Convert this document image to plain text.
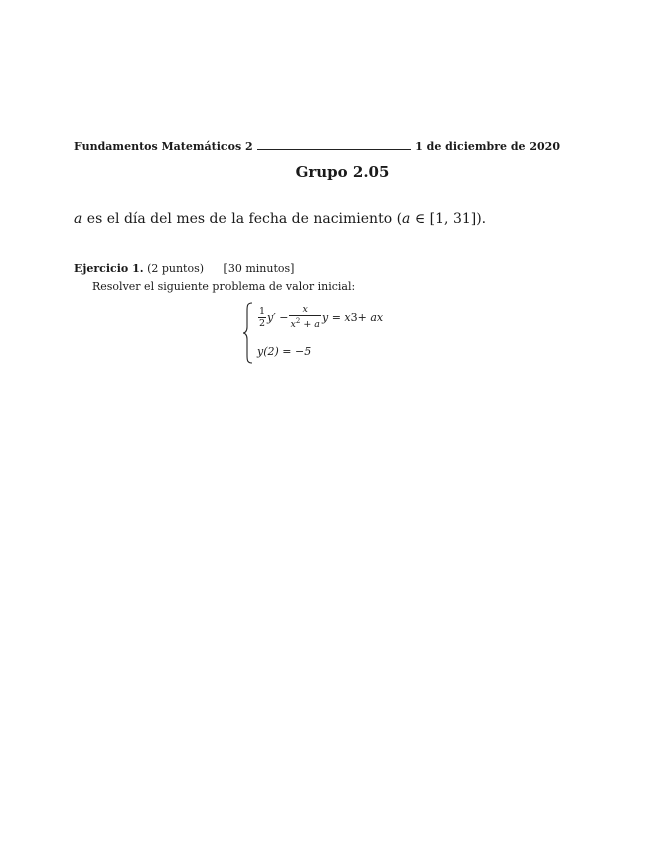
Fundamentos Matemáticos 2	1 de diciembre de 2020
Grupo 2.05
a es el día del mes de la fecha de nacimiento (a ∈ [1, 31]).
Ejercicio 1. (2 puntos) [30 minutos]
Resolver el siguiente problema de valor inicial:
$\frac{1}{2} y' - \frac{x}{x^2 + a}$ y = x 3 + ax
y(2) = −5
